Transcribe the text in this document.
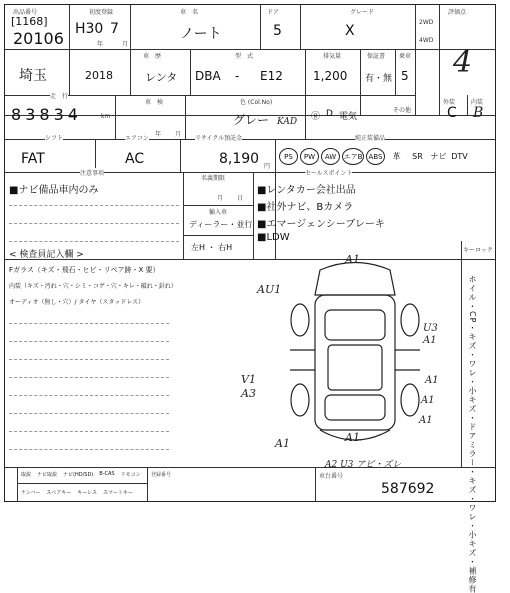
出品番号
[1168]
20106
初度登録
H30 7
年	月
車　名
ノート
ドア
5
グレード
X
2WD
4WD
評価点
4
埼玉
車　歴
2018	レンタ
型　式
DBA - E12
排気量
1,200
保証書
有・無
乗車
5
走　行
8 3 8 3 4	km
車　検
年 月
色 (Col.No)
グレー KAD ⓖ D 電気
その他
外装	内装
C B
シフト
FAT
エアコン
AC
リサイクル預託金
8,190 円
純正装備品
PS	PW	AW	エアB ABS	革	SR ナビ DTV
注意事項
■ナビ備品車内のみ
名義期限
月 日
輸入車
ディーラー・並行
左H ・ 右H
セールスポイント
■レンタカー会社出品
■社外ナビ、Bカメラ
■エマージェンシーブレーキ
■LDW
< 検査員記入欄 >
Fガラス（キズ・飛石・ヒビ・リペア跡・X 要）
内装（キズ・汚れ・穴・シミ・コゲ・穴・キレ・破れ・針れ）
オーディオ（無し・穴）/ タイヤ（スタッドレス）
キーロック
ホイル・CP・キズ・ワレ・小キズ・ドアミラー・キズ・ワレ・小キズ・補修有
A1
AU1
U3
A1
A1
V1
A3
A1
A1	A1
A1
A2 U3 アピ・ズレ
取説 ナビ取説 ナビ(HD/SD) B-CAS リモコン 登録番号
ナンバー スペアキー キーレス スマートキー
車台番号
587692
